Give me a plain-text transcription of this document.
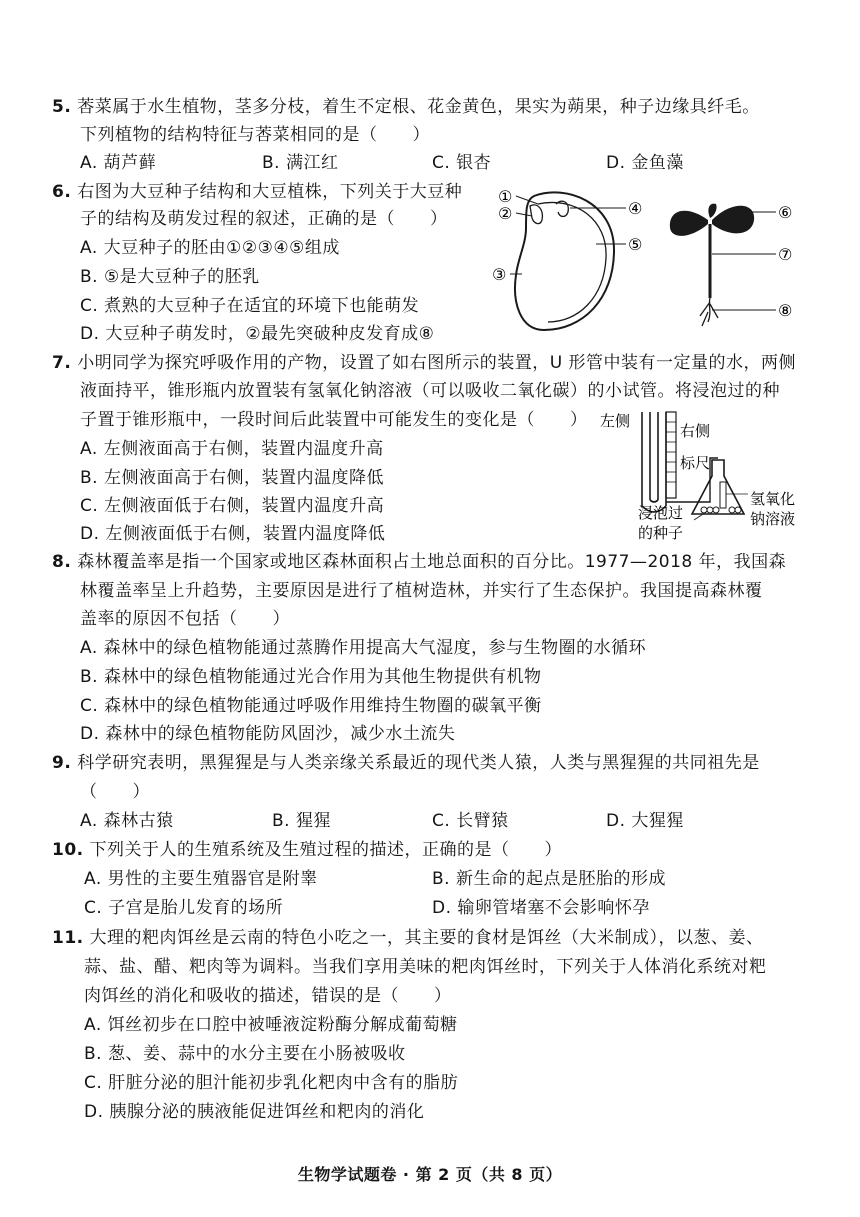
5. 莕菜属于水生植物，茎多分枝，着生不定根、花金黄色，果实为蒴果，种子边缘具纤毛。
下列植物的结构特征与莕菜相同的是（　　）
A. 葫芦藓	B. 满江红	C. 银杏	D. 金鱼藻
6. 右图为大豆种子结构和大豆植株，下列关于大豆种
子的结构及萌发过程的叙述，正确的是（　　）
A. 大豆种子的胚由①②③④⑤组成
B. ⑤是大豆种子的胚乳
C. 煮熟的大豆种子在适宜的环境下也能萌发
D. 大豆种子萌发时，②最先突破种皮发育成⑧
①
②
③
④
⑤
⑥
⑦
⑧
7. 小明同学为探究呼吸作用的产物，设置了如右图所示的装置，U 形管中装有一定量的水，两侧
液面持平，锥形瓶内放置装有氢氧化钠溶液（可以吸收二氧化碳）的小试管。将浸泡过的种
子置于锥形瓶中，一段时间后此装置中可能发生的变化是（　　）
A. 左侧液面高于右侧，装置内温度升高
B. 左侧液面高于右侧，装置内温度降低
C. 左侧液面低于右侧，装置内温度升高
D. 左侧液面低于右侧，装置内温度降低
左侧
右侧
标尺
氢氧化
钠溶液
浸泡过
的种子
8. 森林覆盖率是指一个国家或地区森林面积占土地总面积的百分比。1977—2018 年，我国森
林覆盖率呈上升趋势，主要原因是进行了植树造林，并实行了生态保护。我国提高森林覆
盖率的原因不包括（　　）
A. 森林中的绿色植物能通过蒸腾作用提高大气湿度，参与生物圈的水循环
B. 森林中的绿色植物能通过光合作用为其他生物提供有机物
C. 森林中的绿色植物能通过呼吸作用维持生物圈的碳氧平衡
D. 森林中的绿色植物能防风固沙，减少水土流失
9. 科学研究表明，黑猩猩是与人类亲缘关系最近的现代类人猿，人类与黑猩猩的共同祖先是
（　　）
A. 森林古猿	B. 猩猩	C. 长臂猿	D. 大猩猩
10. 下列关于人的生殖系统及生殖过程的描述，正确的是（　　）
A. 男性的主要生殖器官是附睾	B. 新生命的起点是胚胎的形成
C. 子宫是胎儿发育的场所	D. 输卵管堵塞不会影响怀孕
11. 大理的粑肉饵丝是云南的特色小吃之一，其主要的食材是饵丝（大米制成），以葱、姜、
蒜、盐、醋、粑肉等为调料。当我们享用美味的粑肉饵丝时，下列关于人体消化系统对粑
肉饵丝的消化和吸收的描述，错误的是（　　）
A. 饵丝初步在口腔中被唾液淀粉酶分解成葡萄糖
B. 葱、姜、蒜中的水分主要在小肠被吸收
C. 肝脏分泌的胆汁能初步乳化粑肉中含有的脂肪
D. 胰腺分泌的胰液能促进饵丝和粑肉的消化
生物学试题卷 · 第 2 页（共 8 页）
